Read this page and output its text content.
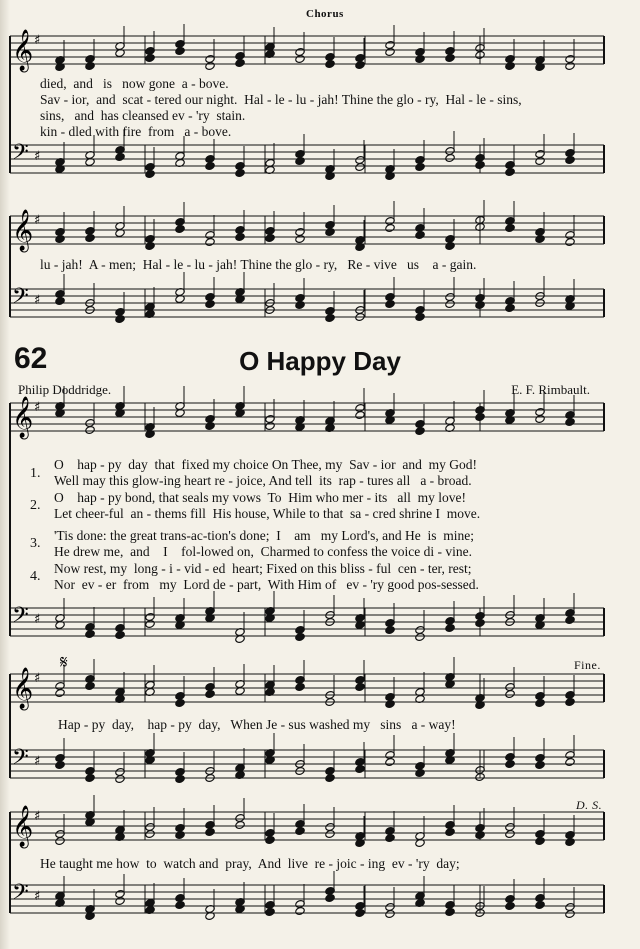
Chorus
𝄞 ♯
𝄢 ♯
died,  and   is   now gone  a - bove.
Sav - ior,  and  scat - tered our night.  Hal - le - lu - jah! Thine the glo - ry,  Hal - le - sins,
sins,   and  has cleansed ev - 'ry  stain.
kin - dled with fire  from   a - bove.
𝄞 ♯
𝄢 ♯
lu - jah!  A - men;  Hal - le - lu - jah! Thine the glo - ry,   Re - vive   us    a - gain.
62	O Happy Day
Philip Doddridge.	E. F. Rimbault.
𝄞 ♯
𝄢 ♯
1.
O    hap - py  day  that  fixed my choice On Thee, my  Sav - ior  and  my God!
Well may this glow-ing heart re - joice, And tell  its  rap - tures all   a - broad.
2.
O    hap - py bond, that seals my vows  To  Him who mer - its   all  my love!
Let cheer-ful  an - thems fill  His house, While to that  sa - cred shrine I  move.
3.
'Tis done: the great trans-ac-tion's done;  I    am   my Lord's, and He  is  mine;
He drew me,  and    I    fol-lowed on,  Charmed to confess the voice di - vine.
4.
Now rest, my  long - i - vid - ed  heart; Fixed on this bliss - ful  cen - ter, rest;
Nor  ev - er  from   my  Lord de - part,  With Him of   ev - 'ry good pos-sessed.
𝄞 ♯
𝄢 ♯
𝄋
Hap - py  day,    hap - py  day,   When Je - sus washed my   sins   a - way!
Fine.
𝄞 ♯
𝄢 ♯
He taught me how  to  watch and  pray,  And  live  re - joic - ing  ev - 'ry  day;
D. S.
